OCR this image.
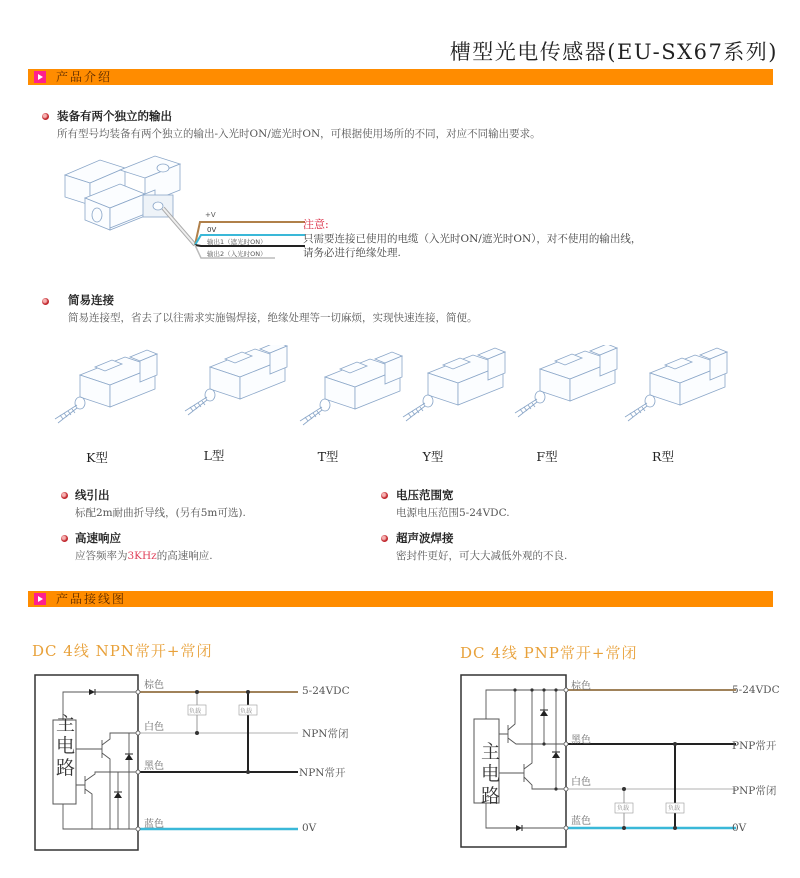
槽型光电传感器(EU-SX67系列)
产品介绍
装备有两个独立的输出
所有型号均装备有两个独立的输出-入光时ON/遮光时ON，可根据使用场所的不同，对应不同输出要求。
+V
0V
输出1（遮光时ON）
输出2（入光时ON）
注意:
只需要连接已使用的电缆（入光时ON/遮光时ON），对不使用的输出线，
请务必进行绝缘处理.
简易连接
简易连接型，省去了以往需求实施锡焊接，绝缘处理等一切麻烦，实现快速连接，简便。
K型	L型	T型	Y型	F型	R型
线引出
标配2m耐曲折导线，(另有5m可选).
高速响应
应答频率为3KHz的高速响应.
电压范围宽
电源电压范围5-24VDC.
超声波焊接
密封件更好，可大大减低外观的不良.
产品接线图
DC 4线 NPN常开+常闭
主
电
路
棕色
白色
黑色
蓝色
负载	负载
5-24VDC
NPN常闭
NPN常开
0V
DC 4线 PNP常开+常闭
主
电
路
棕色
黑色
白色
蓝色
负载	负载
5-24VDC
PNP常开
PNP常闭
0V
